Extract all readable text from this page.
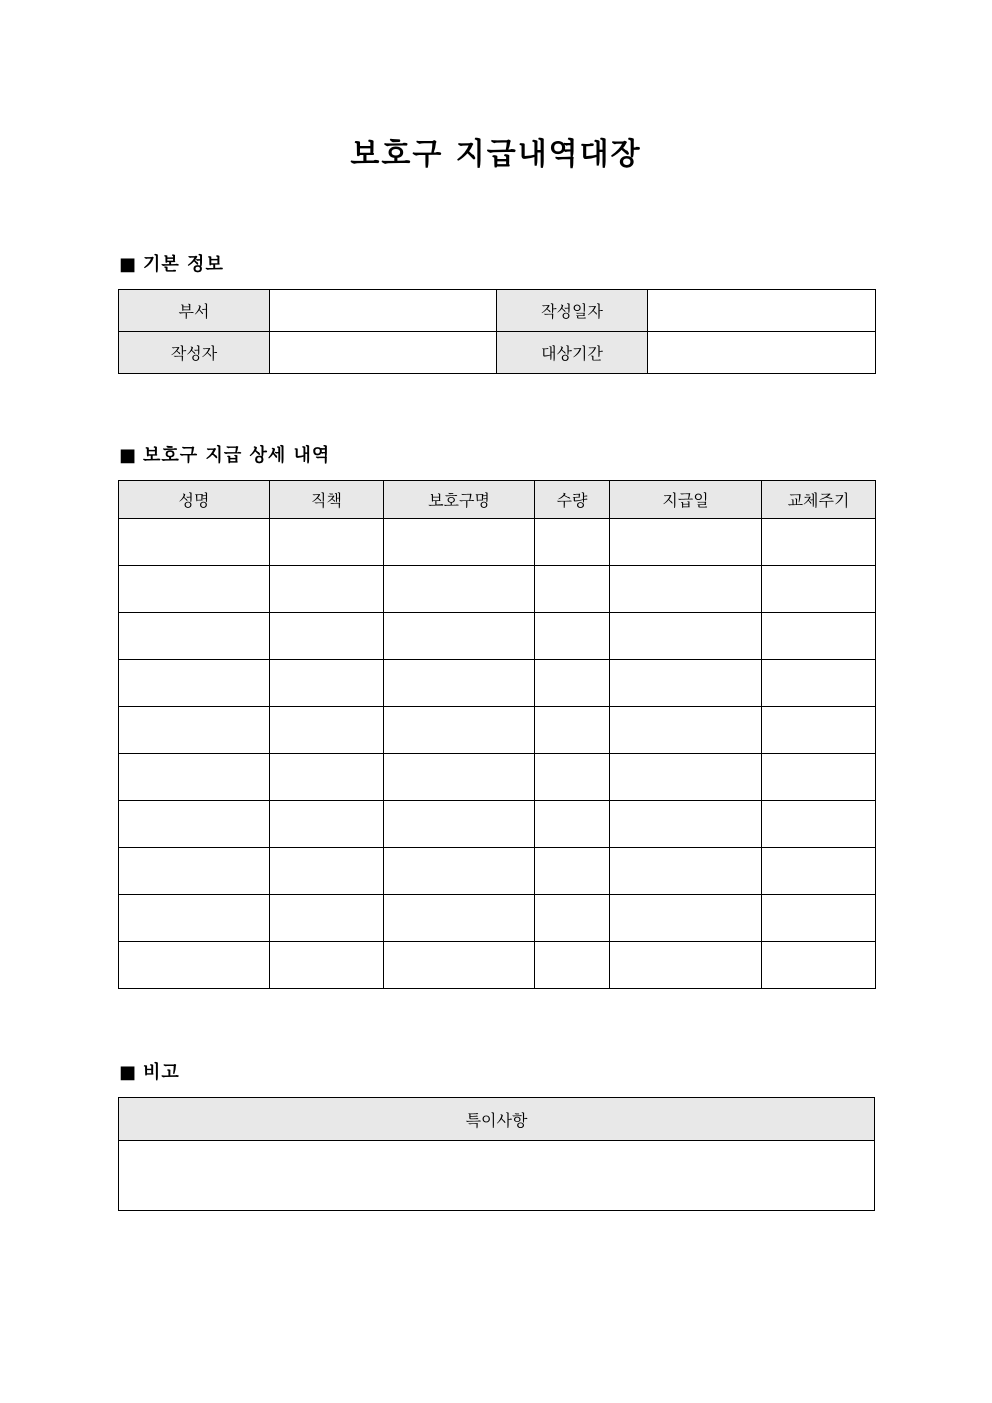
보호구 지급내역대장
■ 기본 정보
부서		작성일자	
작성자		대상기간	
■ 보호구 지급 상세 내역
성명	직책	보호구명	수량	지급일	교체주기

■ 비고
특이사항
